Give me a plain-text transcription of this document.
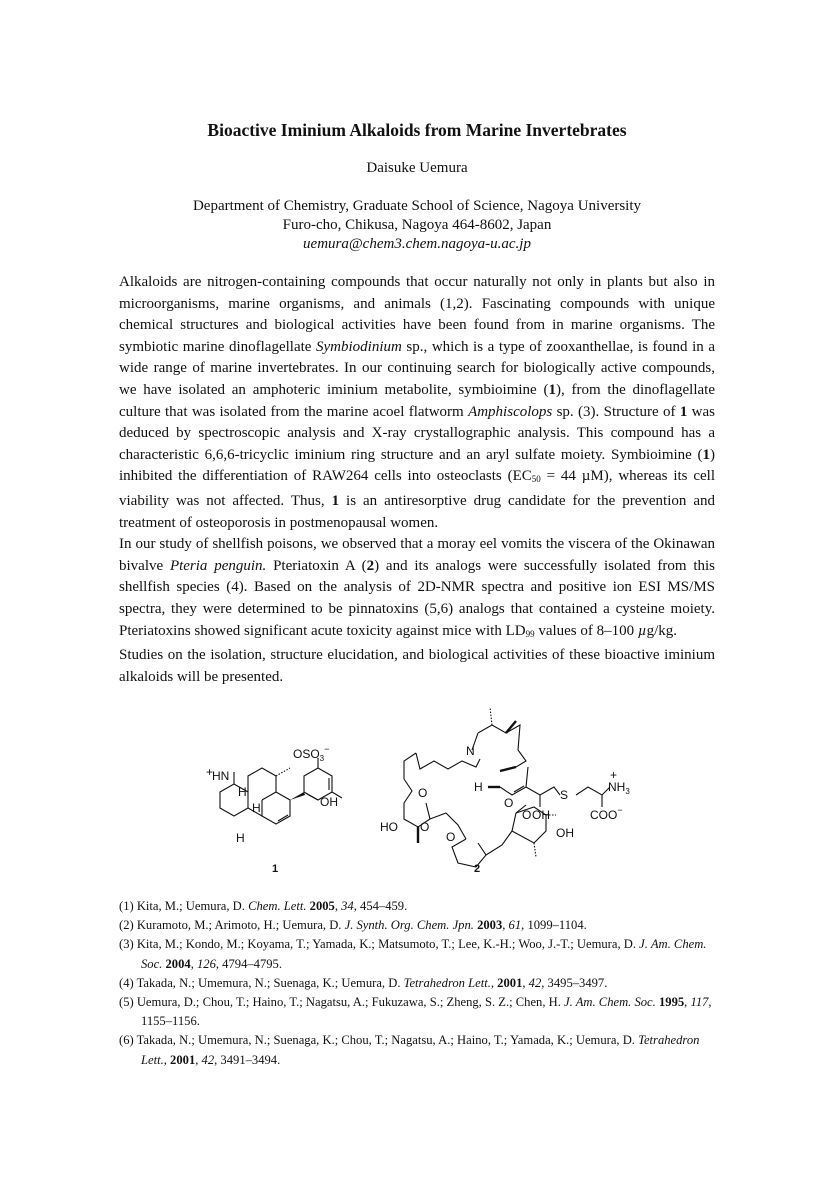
Bioactive Iminium Alkaloids from Marine Invertebrates
Daisuke Uemura
Department of Chemistry, Graduate School of Science, Nagoya University
Furo-cho, Chikusa, Nagoya 464-8602, Japan
uemura@chem3.chem.nagoya-u.ac.jp

Alkaloids are nitrogen-containing compounds that occur naturally not only in plants but also in microorganisms, marine organisms, and animals (1,2). Fascinating compounds with unique chemical structures and biological activities have been found from in marine organisms. The symbiotic marine dinoflagellate Symbiodinium sp., which is a type of zooxanthellae, is found in a wide range of marine invertebrates. In our continuing search for biologically active compounds, we have isolated an amphoteric iminium metabolite, symbioimine (1), from the dinoflagellate culture that was isolated from the marine acoel flatworm Amphiscolops sp. (3). Structure of 1 was deduced by spectroscopic analysis and X-ray crystallographic analysis. This compound has a characteristic 6,6,6-tricyclic iminium ring structure and an aryl sulfate moiety. Symbioimine (1) inhibited the differentiation of RAW264 cells into osteoclasts ($EC_{50} = 44$ µM), whereas its cell viability was not affected. Thus, 1 is an antiresorptive drug candidate for the prevention and treatment of osteoporosis in postmenopausal women.

In our study of shellfish poisons, we observed that a moray eel vomits the viscera of the Okinawan bivalve Pteria penguin. Pteriatoxin A (2) and its analogs were successfully isolated from this shellfish species (4). Based on the analysis of 2D-NMR spectra and positive ion ESI MS/MS spectra, they were determined to be pinnatoxins (5,6) analogs that contained a cysteine moiety. Pteriatoxins showed significant acute toxicity against mice with $LD_{99}$ values of 8–100 µg/kg.

Studies on the isolation, structure elucidation, and biological activities of these bioactive iminium alkaloids will be presented.

+
HN
H
H
H
$OSO_3^-$
OH
1
N
H
S
$NH_3$
+
COO−
OH
OH
HO
O
O
O
O
O
2

(1) Kita, M.; Uemura, D. Chem. Lett. 2005, 34, 454–459.

(2) Kuramoto, M.; Arimoto, H.; Uemura, D. J. Synth. Org. Chem. Jpn. 2003, 61, 1099–1104.

(3) Kita, M.; Kondo, M.; Koyama, T.; Yamada, K.; Matsumoto, T.; Lee, K.-H.; Woo, J.-T.; Uemura, D. J. Am. Chem. Soc. 2004, 126, 4794–4795.

(4) Takada, N.; Umemura, N.; Suenaga, K.; Uemura, D. Tetrahedron Lett., 2001, 42, 3495–3497.

(5) Uemura, D.; Chou, T.; Haino, T.; Nagatsu, A.; Fukuzawa, S.; Zheng, S. Z.; Chen, H. J. Am. Chem. Soc. 1995, 117, 1155–1156.

(6) Takada, N.; Umemura, N.; Suenaga, K.; Chou, T.; Nagatsu, A.; Haino, T.; Yamada, K.; Uemura, D. Tetrahedron Lett., 2001, 42, 3491–3494.
